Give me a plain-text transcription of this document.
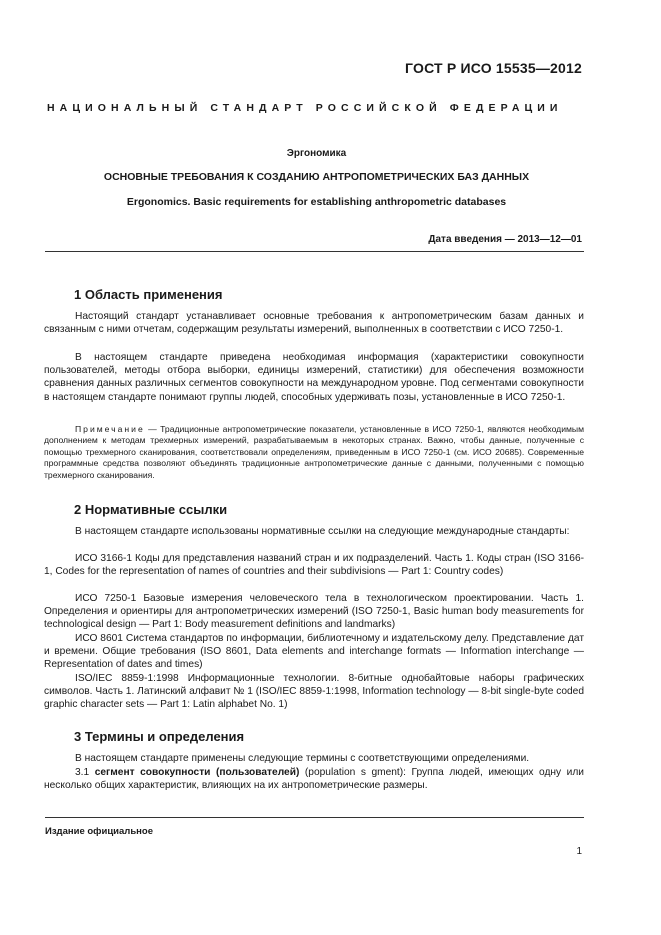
ГОСТ Р ИСО 15535—2012
НАЦИОНАЛЬНЫЙ СТАНДАРТ РОССИЙСКОЙ ФЕДЕРАЦИИ
Эргономика
ОСНОВНЫЕ ТРЕБОВАНИЯ К СОЗДАНИЮ АНТРОПОМЕТРИЧЕСКИХ БАЗ ДАННЫХ
Ergonomics. Basic requirements for establishing anthropometric databases
Дата введения — 2013—12—01
1 Область применения
Настоящий стандарт устанавливает основные требования к антропометрическим базам данных и связанным с ними отчетам, содержащим результаты измерений, выполненных в соответствии с ИСО 7250-1.
В настоящем стандарте приведена необходимая информация (характеристики совокупности пользователей, методы отбора выборки, единицы измерений, статистики) для обеспечения возможности сравнения данных различных сегментов совокупности на международном уровне. Под сегментами совокупности в настоящем стандарте понимают группы людей, способных удерживать позы, установленные в ИСО 7250-1.
Примечание — Традиционные антропометрические показатели, установленные в ИСО 7250-1, являются необходимым дополнением к методам трехмерных измерений, разрабатываемым в некоторых странах. Важно, чтобы данные, полученные с помощью трехмерного сканирования, соответствовали определениям, приведенным в ИСО 7250-1 (см. ИСО 20685). Современные программные средства позволяют объединять традиционные антропометрические данные с данными, полученными с помощью трехмерного сканирования.
2 Нормативные ссылки
В настоящем стандарте использованы нормативные ссылки на следующие международные стандарты:
ИСО 3166-1 Коды для представления названий стран и их подразделений. Часть 1. Коды стран (ISO 3166-1, Codes for the representation of names of countries and their subdivisions — Part 1: Country codes)
ИСО 7250-1 Базовые измерения человеческого тела в технологическом проектировании. Часть 1. Определения и ориентиры для антропометрических измерений (ISO 7250-1, Basic human body measurements for technological design — Part 1: Body measurement definitions and landmarks)
ИСО 8601 Система стандартов по информации, библиотечному и издательскому делу. Представление дат и времени. Общие требования (ISO 8601, Data elements and interchange formats — Information interchange — Representation of dates and times)
ISO/IEC 8859-1:1998 Информационные технологии. 8-битные однобайтовые наборы графических символов. Часть 1. Латинский алфавит № 1 (ISO/IEC 8859-1:1998, Information technology — 8-bit single-byte coded graphic character sets — Part 1: Latin alphabet No. 1)
3 Термины и определения
В настоящем стандарте применены следующие термины с соответствующими определениями.
3.1 сегмент совокупности (пользователей) (population s gment): Группа людей, имеющих одну или несколько общих характеристик, влияющих на их антропометрические размеры.
Издание официальное
1
